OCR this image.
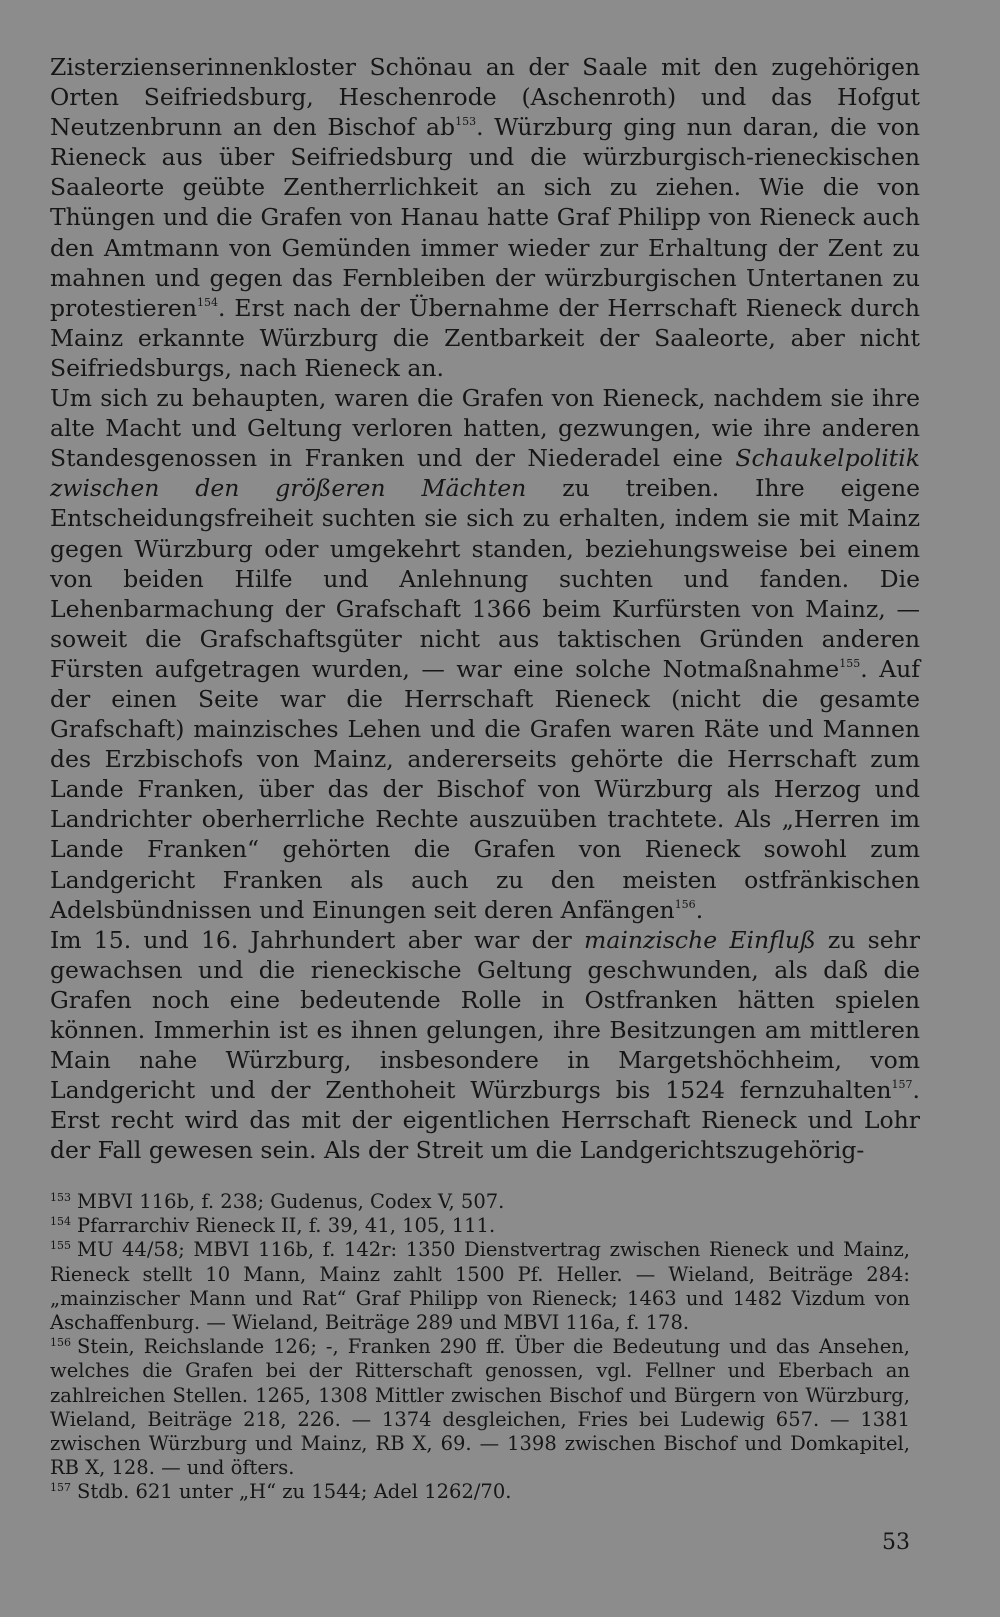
Zisterzienserinnenkloster Schönau an der Saale mit den zugehörigen Orten Seifriedsburg, Heschenrode (Aschenroth) und das Hofgut Neutzenbrunn an den Bischof $ab^{153}$. Würzburg ging nun daran, die von Rieneck aus über Seifriedsburg und die würzburgisch-rieneckischen Saaleorte geübte Zentherrlichkeit an sich zu ziehen. Wie die von Thüngen und die Grafen von Hanau hatte Graf Philipp von Rieneck auch den Amtmann von Gemünden immer wieder zur Erhaltung der Zent zu mahnen und gegen das Fernbleiben der würzburgischen Untertanen zu protestieren$^{154}$. Erst nach der Übernahme der Herrschaft Rieneck durch Mainz erkannte Würzburg die Zentbarkeit der Saaleorte, aber nicht Seifriedsburgs, nach Rieneck an.

Um sich zu behaupten, waren die Grafen von Rieneck, nachdem sie ihre alte Macht und Geltung verloren hatten, gezwungen, wie ihre anderen Standesgenossen in Franken und der Niederadel eine Schaukelpolitik zwischen den größeren Mächten zu treiben. Ihre eigene Entscheidungsfreiheit suchten sie sich zu erhalten, indem sie mit Mainz gegen Würzburg oder umgekehrt standen, beziehungsweise bei einem von beiden Hilfe und Anlehnung suchten und fanden. Die Lehenbarmachung der Grafschaft 1366 beim Kurfürsten von Mainz, — soweit die Grafschaftsgüter nicht aus taktischen Gründen anderen Fürsten aufgetragen wurden, — war eine solche Notmaßnahme$^{155}$. Auf der einen Seite war die Herrschaft Rieneck (nicht die gesamte Grafschaft) mainzisches Lehen und die Grafen waren Räte und Mannen des Erzbischofs von Mainz, andererseits gehörte die Herrschaft zum Lande Franken, über das der Bischof von Würzburg als Herzog und Landrichter oberherrliche Rechte auszuüben trachtete. Als „Herren im Lande Franken“ gehörten die Grafen von Rieneck sowohl zum Landgericht Franken als auch zu den meisten ostfränkischen Adelsbündnissen und Einungen seit deren Anfängen$^{156}$.

Im 15. und 16. Jahrhundert aber war der mainzische Einfluß zu sehr gewachsen und die rieneckische Geltung geschwunden, als daß die Grafen noch eine bedeutende Rolle in Ostfranken hätten spielen können. Immerhin ist es ihnen gelungen, ihre Besitzungen am mittleren Main nahe Würzburg, insbesondere in Margetshöchheim, vom Landgericht und der Zenthoheit Würzburgs bis 1524 fernzuhalten$^{157}$. Erst recht wird das mit der eigentlichen Herrschaft Rieneck und Lohr der Fall gewesen sein. Als der Streit um die Landgerichtszugehörig-

$^{153}$ MBVI 116b, f. 238; Gudenus, Codex V, 507.

$^{154}$ Pfarrarchiv Rieneck II, f. 39, 41, 105, 111.

$^{155}$ MU 44/58; MBVI 116b, f. 142r: 1350 Dienstvertrag zwischen Rieneck und Mainz, Rieneck stellt 10 Mann, Mainz zahlt 1500 Pf. Heller. — Wieland, Beiträge 284: „mainzischer Mann und Rat“ Graf Philipp von Rieneck; 1463 und 1482 Vizdum von Aschaffenburg. — Wieland, Beiträge 289 und MBVI 116a, f. 178.

$^{156}$ Stein, Reichslande 126; -, Franken 290 ff. Über die Bedeutung und das Ansehen, welches die Grafen bei der Ritterschaft genossen, vgl. Fellner und Eberbach an zahlreichen Stellen. 1265, 1308 Mittler zwischen Bischof und Bürgern von Würzburg, Wieland, Beiträge 218, 226. — 1374 desgleichen, Fries bei Ludewig 657. — 1381 zwischen Würzburg und Mainz, RB X, 69. — 1398 zwischen Bischof und Domkapitel, RB X, 128. — und öfters.

$^{157}$ Stdb. 621 unter „H“ zu 1544; Adel 1262/70.

53
